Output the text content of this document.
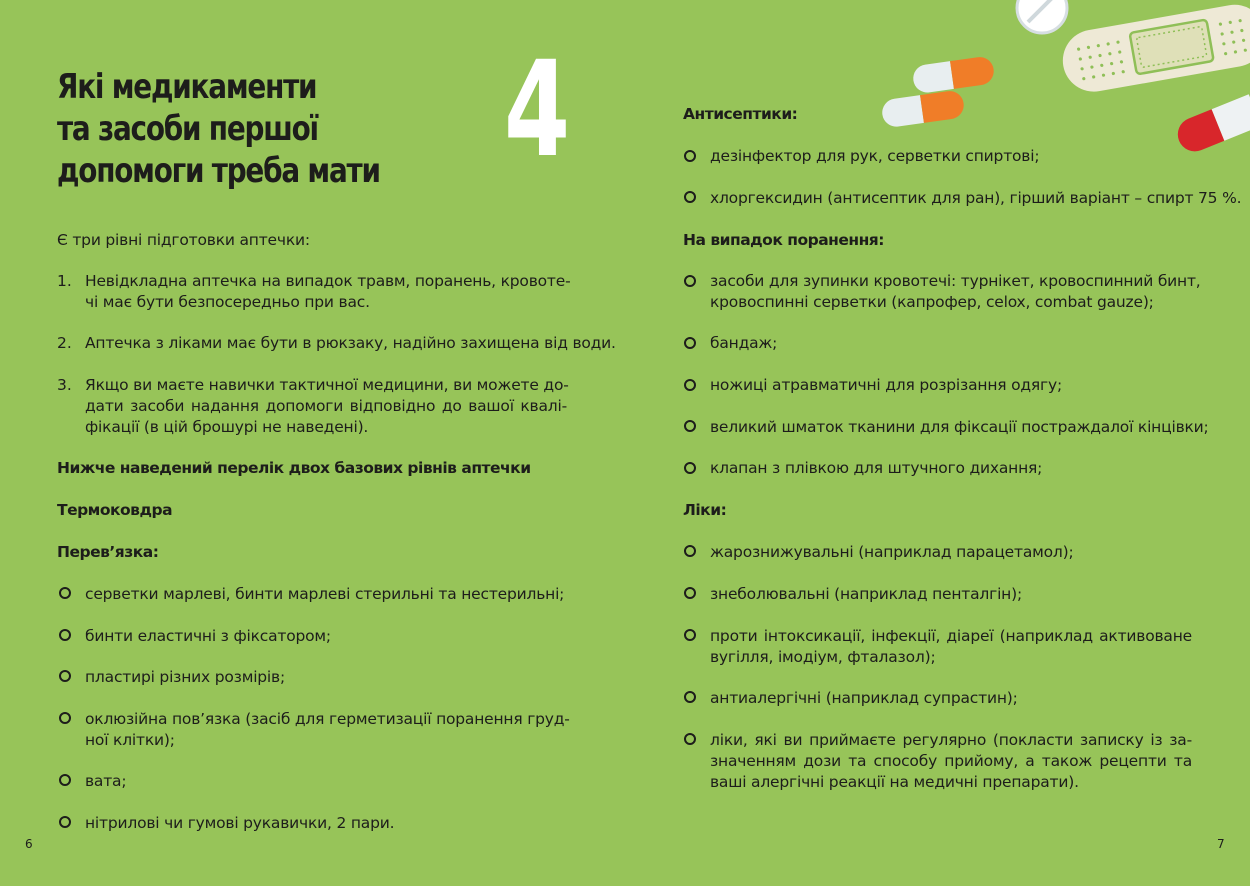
Які медикаменти
та засоби першої
допомоги треба мати 4
Є три рівні підготовки аптечки:
1. Невідкладна аптечка на випадок травм, поранень, кровоте-
чі має бути безпосередньо при вас.
2. Аптечка з ліками має бути в рюкзаку, надійно захищена від води.
3. Якщо ви маєте навички тактичної медицини, ви можете до-
дати засоби надання допомоги відповідно до вашої квалі-
фікації (в цій брошурі не наведені).
Нижче наведений перелік двох базових рівнів аптечки
Термоковдра
Перев’язка:
серветки марлеві, бинти марлеві стерильні та нестерильні;
бинти еластичні з фіксатором;
пластирі різних розмірів;
оклюзійна пов’язка (засіб для герметизації поранення груд-
ної клітки);
вата;
нітрилові чи гумові рукавички, 2 пари.
6
Антисептики:
дезінфектор для рук, серветки спиртові;
хлоргексидин (антисептик для ран), гірший варіант – спирт 75 %.
На випадок поранення:
засоби для зупинки кровотечі: турнікет, кровоспинний бинт,
кровоспинні серветки (капрофер, celox, combat gauze);
бандаж;
ножиці атравматичні для розрізання одягу;
великий шматок тканини для фіксації постраждалої кінцівки;
клапан з плівкою для штучного дихання;
Ліки:
жарознижувальні (наприклад парацетамол);
знеболювальні (наприклад пенталгін);
проти інтоксикації, інфекції, діареї (наприклад активоване
вугілля, імодіум, фталазол);
антиалергічні (наприклад супрастин);
ліки, які ви приймаєте регулярно (покласти записку із за-
значенням дози та способу прийому, а також рецепти та
ваші алергічні реакції на медичні препарати).
7
